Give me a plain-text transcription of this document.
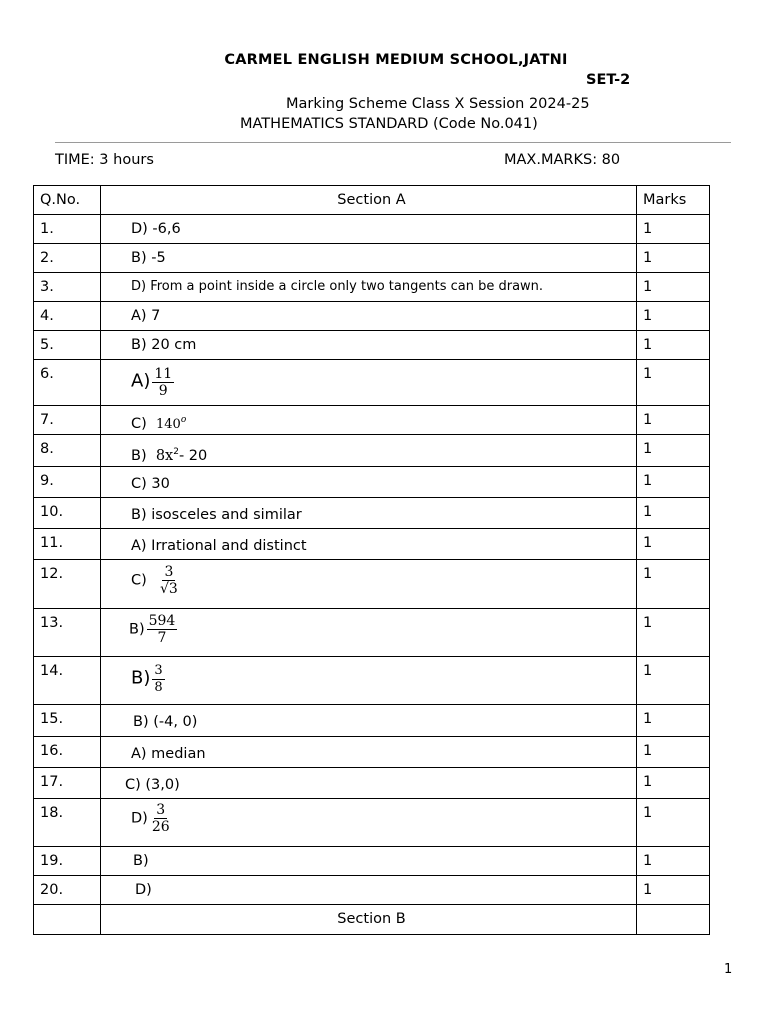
CARMEL ENGLISH MEDIUM SCHOOL,JATNI
SET-2
Marking Scheme Class X Session 2024-25
MATHEMATICS STANDARD (Code No.041)
TIME: 3 hours	MAX.MARKS: 80
Q.No.	Section A	Marks

1.	D) -6,6	1

2.	B) -5	1

3.	D) From a point inside a circle only two tangents can be drawn.	1

4.	A) 7	1

5.	B) 20 cm	1

6.	$A) \frac{11}{9}$	1

7.	C) 140$^o$	1

8.	B) $8x^2-$ 20	1

9.	C) 30	1

10.	B) isosceles and similar	1

11.	A) Irrational and distinct	1

12.	$C) \frac{3}{√3}$	1

13.	$B) \frac{594}{7}$	1

14.	$B) \frac{3}{8}$	1

15.	B) (-4, 0)	1

16.	A) median	1

17.	C) (3,0)	1

18.	$D) \frac{3}{26}$	1

19.	B)	1

20.	D)	1

	Section B	

1
